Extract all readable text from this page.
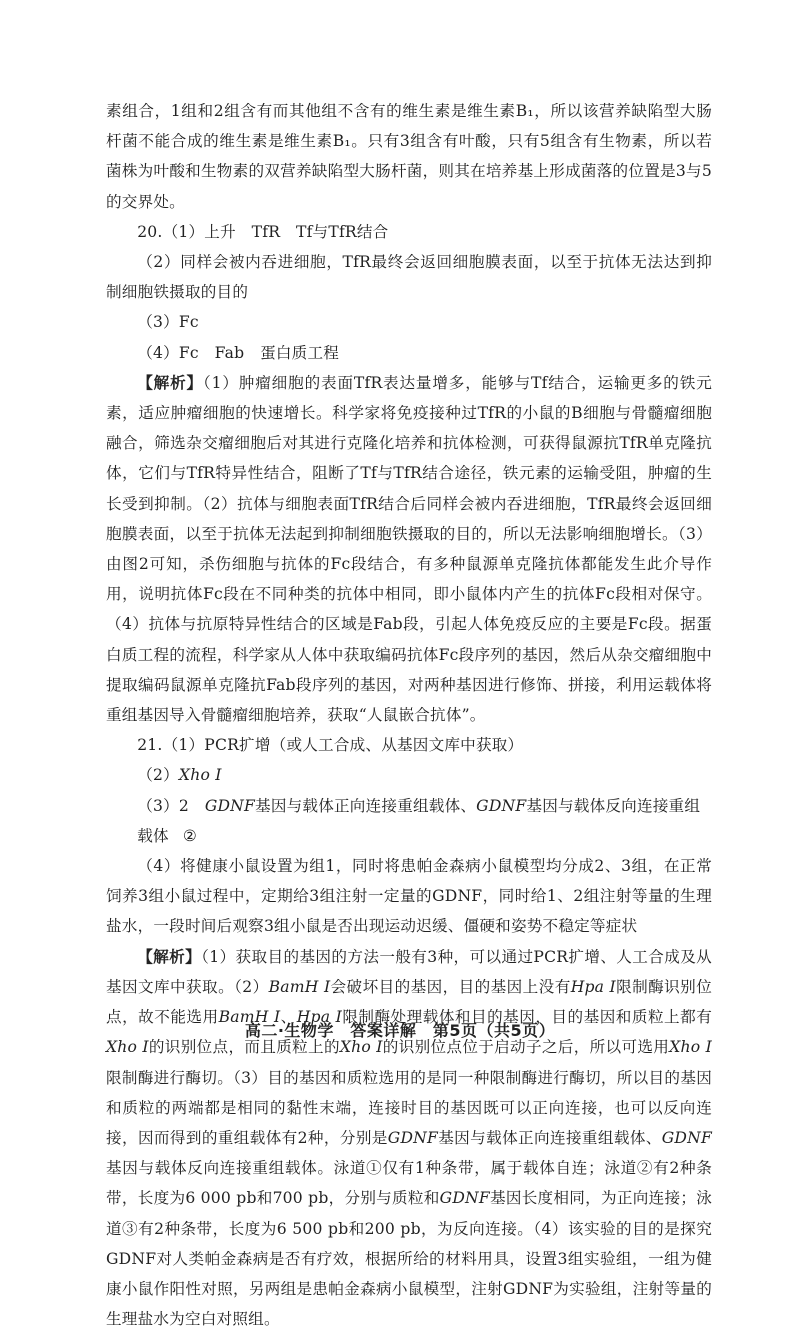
素组合，1组和2组含有而其他组不含有的维生素是维生素B₁，所以该营养缺陷型大肠杆菌不能合成的维生素是维生素B₁。只有3组含有叶酸，只有5组含有生物素，所以若菌株为叶酸和生物素的双营养缺陷型大肠杆菌，则其在培养基上形成菌落的位置是3与5的交界处。

20.（1）上升　TfR　Tf与TfR结合

（2）同样会被内吞进细胞，TfR最终会返回细胞膜表面，以至于抗体无法达到抑制细胞铁摄取的目的

（3）Fc

（4）Fc　Fab　蛋白质工程

【解析】（1）肿瘤细胞的表面TfR表达量增多，能够与Tf结合，运输更多的铁元素，适应肿瘤细胞的快速增长。科学家将免疫接种过TfR的小鼠的B细胞与骨髓瘤细胞融合，筛选杂交瘤细胞后对其进行克隆化培养和抗体检测，可获得鼠源抗TfR单克隆抗体，它们与TfR特异性结合，阻断了Tf与TfR结合途径，铁元素的运输受阻，肿瘤的生长受到抑制。（2）抗体与细胞表面TfR结合后同样会被内吞进细胞，TfR最终会返回细胞膜表面，以至于抗体无法起到抑制细胞铁摄取的目的，所以无法影响细胞增长。（3）由图2可知，杀伤细胞与抗体的Fc段结合，有多种鼠源单克隆抗体都能发生此介导作用，说明抗体Fc段在不同种类的抗体中相同，即小鼠体内产生的抗体Fc段相对保守。（4）抗体与抗原特异性结合的区域是Fab段，引起人体免疫反应的主要是Fc段。据蛋白质工程的流程，科学家从人体中获取编码抗体Fc段序列的基因，然后从杂交瘤细胞中提取编码鼠源单克隆抗Fab段序列的基因，对两种基因进行修饰、拼接，利用运载体将重组基因导入骨髓瘤细胞培养，获取“人鼠嵌合抗体”。

21.（1）PCR扩增（或人工合成、从基因文库中获取）

（2）Xho Ⅰ

（3）2　GDNF基因与载体正向连接重组载体、GDNF基因与载体反向连接重组载体 ②

（4）将健康小鼠设置为组1，同时将患帕金森病小鼠模型均分成2、3组，在正常饲养3组小鼠过程中，定期给3组注射一定量的GDNF，同时给1、2组注射等量的生理盐水，一段时间后观察3组小鼠是否出现运动迟缓、僵硬和姿势不稳定等症状

【解析】（1）获取目的基因的方法一般有3种，可以通过PCR扩增、人工合成及从基因文库中获取。（2）BamH Ⅰ会破坏目的基因，目的基因上没有Hpa Ⅰ限制酶识别位点，故不能选用BamH Ⅰ、Hpa Ⅰ限制酶处理载体和目的基因，目的基因和质粒上都有Xho Ⅰ的识别位点，而且质粒上的Xho Ⅰ的识别位点位于启动子之后，所以可选用Xho Ⅰ限制酶进行酶切。（3）目的基因和质粒选用的是同一种限制酶进行酶切，所以目的基因和质粒的两端都是相同的黏性末端，连接时目的基因既可以正向连接，也可以反向连接，因而得到的重组载体有2种，分别是GDNF基因与载体正向连接重组载体、GDNF基因与载体反向连接重组载体。泳道①仅有1种条带，属于载体自连；泳道②有2种条带，长度为6 000 pb和700 pb，分别与质粒和GDNF基因长度相同，为正向连接；泳道③有2种条带，长度为6 500 pb和200 pb，为反向连接。（4）该实验的目的是探究GDNF对人类帕金森病是否有疗效，根据所给的材料用具，设置3组实验组，一组为健康小鼠作阳性对照，另两组是患帕金森病小鼠模型，注射GDNF为实验组，注射等量的生理盐水为空白对照组。

高二·生物学　答案详解　第5页（共5页）
